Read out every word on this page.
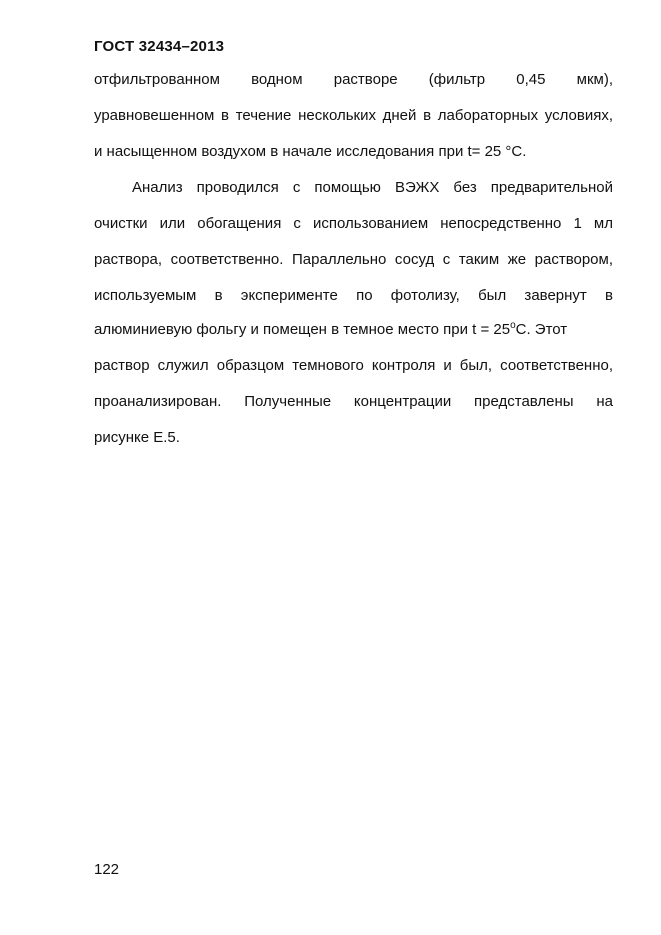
ГОСТ 32434–2013
отфильтрованном водном растворе (фильтр 0,45 мкм),
уравновешенном в течение нескольких дней в лабораторных условиях,
и насыщенном воздухом в начале исследования при t= 25 °С.
Анализ проводился с помощью ВЭЖХ без предварительной
очистки или обогащения с использованием непосредственно 1 мл
раствора, соответственно. Параллельно сосуд с таким же раствором,
используемым в эксперименте по фотолизу, был завернут в
алюминиевую фольгу и помещен в темное место при $t = 25^oС$. Этот
раствор служил образцом темнового контроля и был, соответственно,
проанализирован. Полученные концентрации представлены на
рисунке Е.5.
122
